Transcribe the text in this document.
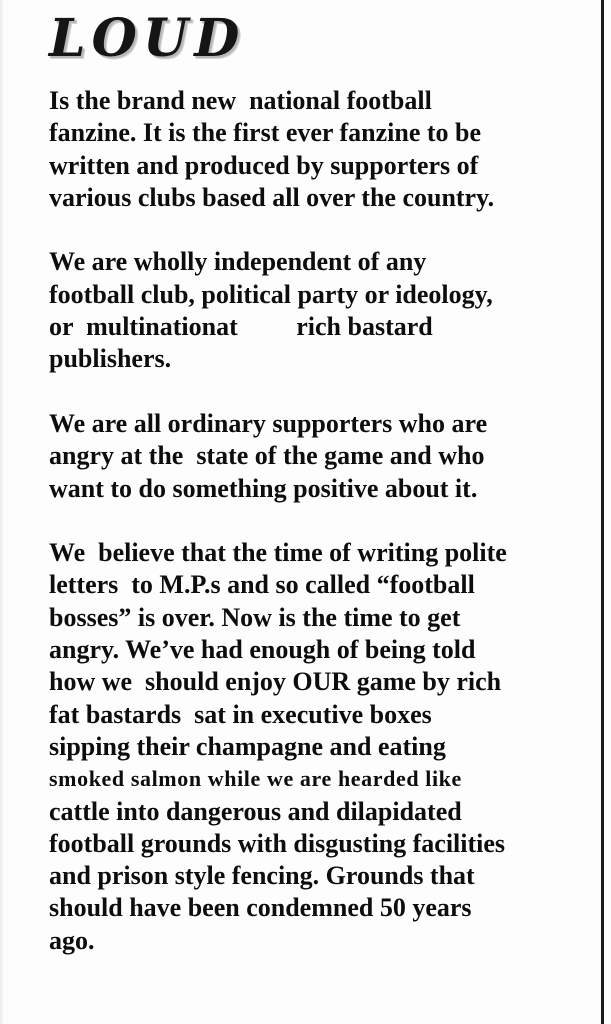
LOUD

Is the brand new  national football
fanzine. It is the first ever fanzine to be
written and produced by supporters of
various clubs based all over the country.

We are wholly independent of any
football club, political party or ideology,
or  multinationat         rich bastard
publishers.

We are all ordinary supporters who are
angry at the  state of the game and who
want to do something positive about it.

We  believe that the time of writing polite
letters  to M.P.s and so called “football
bosses” is over. Now is the time to get
angry. We’ve had enough of being told
how we  should enjoy OUR game by rich
fat bastards  sat in executive boxes
sipping their champagne and eating
smoked salmon while we are hearded like
cattle into dangerous and dilapidated
football grounds with disgusting facilities
and prison style fencing. Grounds that
should have been condemned 50 years
ago.
